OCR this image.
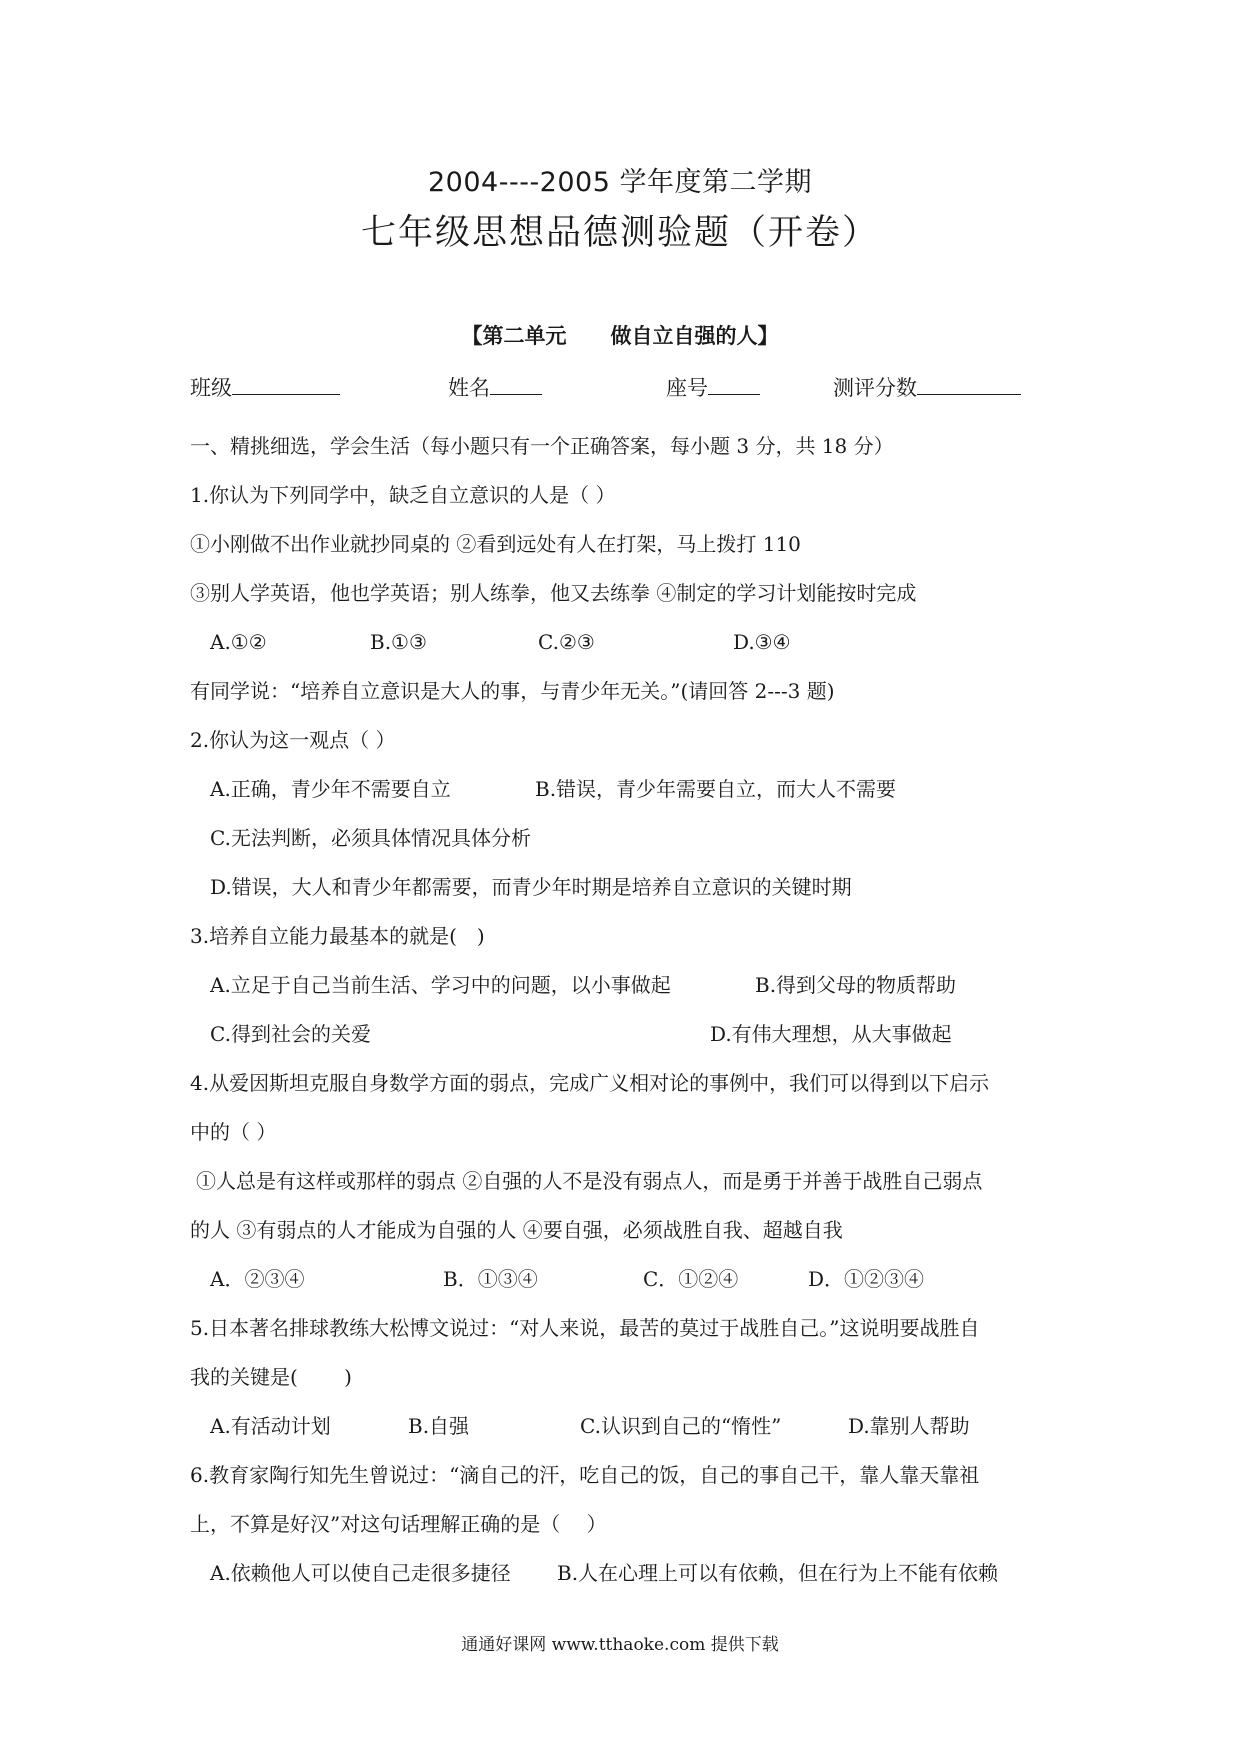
2004----2005 学年度第二学期
七年级思想品德测验题（开卷）
【第二单元 做自立自强的人】
班级	姓名	座号	测评分数
一、精挑细选，学会生活（每小题只有一个正确答案，每小题 3 分，共 18 分）
1.你认为下列同学中，缺乏自立意识的人是（ ）
①小刚做不出作业就抄同桌的 ②看到远处有人在打架，马上拨打 110
③别人学英语，他也学英语；别人练拳，他又去练拳 ④制定的学习计划能按时完成
A.①②	B.①③	C.②③	D.③④
有同学说：“培养自立意识是大人的事，与青少年无关。”(请回答 2---3 题)
2.你认为这一观点（ ）
A.正确，青少年不需要自立	B.错误，青少年需要自立，而大人不需要
C.无法判断，必须具体情况具体分析
D.错误，大人和青少年都需要，而青少年时期是培养自立意识的关键时期
3.培养自立能力最基本的就是(　)
A.立足于自己当前生活、学习中的问题，以小事做起	B.得到父母的物质帮助
C.得到社会的关爱	D.有伟大理想，从大事做起
4.从爱因斯坦克服自身数学方面的弱点，完成广义相对论的事例中，我们可以得到以下启示
中的（ ）
①人总是有这样或那样的弱点 ②自强的人不是没有弱点人，而是勇于并善于战胜自己弱点
的人 ③有弱点的人才能成为自强的人 ④要自强，必须战胜自我、超越自我
A．②③④	B．①③④	C．①②④	D．①②③④
5.日本著名排球教练大松博文说过：“对人来说，最苦的莫过于战胜自己。”这说明要战胜自
我的关键是(　　 )
A.有活动计划	B.自强	C.认识到自己的“惰性”	D.靠别人帮助
6.教育家陶行知先生曾说过：“滴自己的汗，吃自己的饭，自己的事自己干，靠人靠天靠祖
上，不算是好汉”对这句话理解正确的是（　 ）
A.依赖他人可以使自己走很多捷径 B.人在心理上可以有依赖，但在行为上不能有依赖
通通好课网 www.tthaoke.com 提供下载
